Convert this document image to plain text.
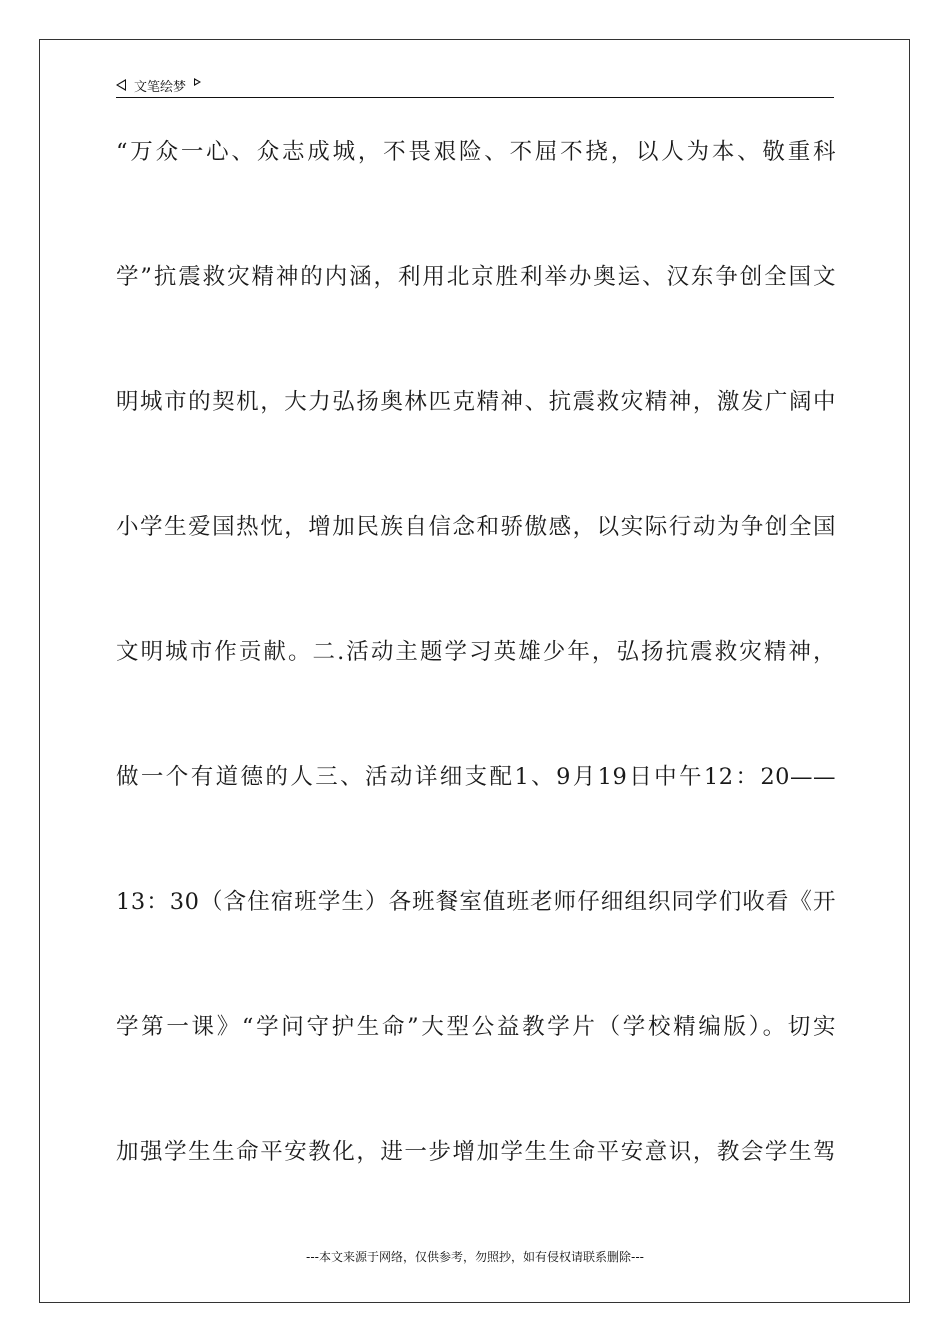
文笔绘梦
“万众一心、众志成城，不畏艰险、不屈不挠，以人为本、敬重科
学”抗震救灾精神的内涵，利用北京胜利举办奥运、汉东争创全国文
明城市的契机，大力弘扬奥林匹克精神、抗震救灾精神，激发广阔中
小学生爱国热忱，增加民族自信念和骄傲感，以实际行动为争创全国
文明城市作贡献。二.活动主题学习英雄少年，弘扬抗震救灾精神，
做一个有道德的人三、活动详细支配1、9月19日中午12：20——
13：30（含住宿班学生）各班餐室值班老师仔细组织同学们收看《开
学第一课》“学问守护生命”大型公益教学片（学校精编版）。切实
加强学生生命平安教化，进一步增加学生生命平安意识，教会学生驾
---本文来源于网络，仅供参考，勿照抄，如有侵权请联系删除---
